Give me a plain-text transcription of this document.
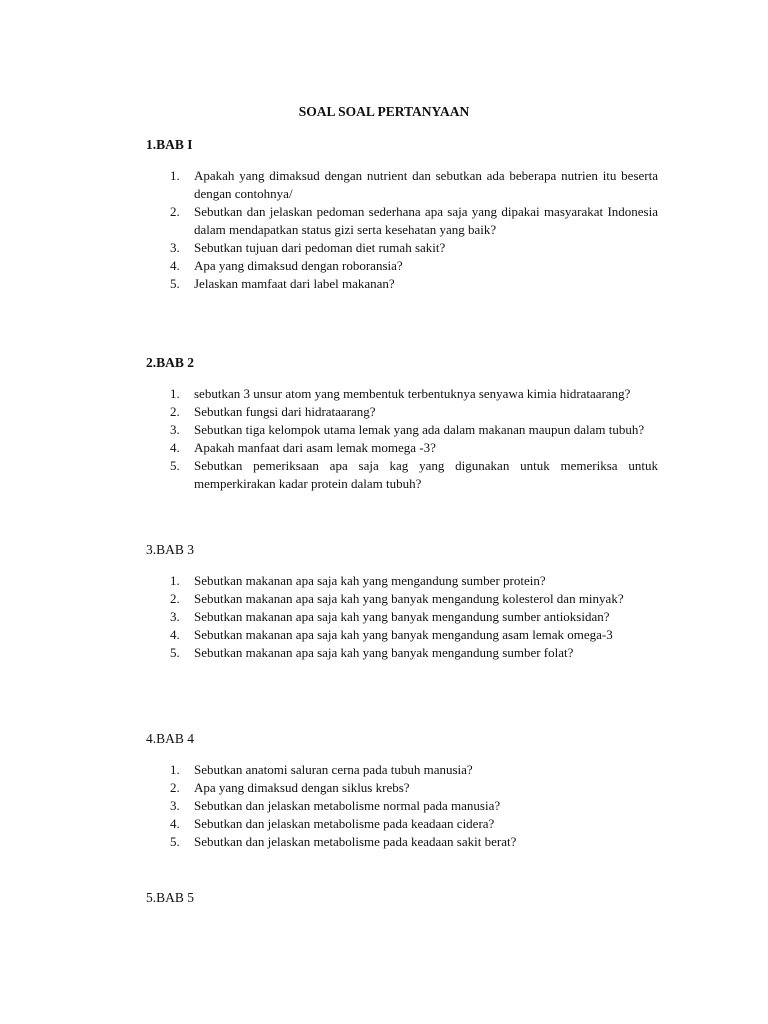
SOAL SOAL PERTANYAAN
1.BAB I
1. Apakah yang dimaksud dengan nutrient dan sebutkan ada beberapa nutrien itu beserta dengan contohnya/
2. Sebutkan dan jelaskan pedoman sederhana apa saja yang dipakai masyarakat Indonesia dalam mendapatkan status gizi serta kesehatan yang baik?
3. Sebutkan tujuan dari pedoman diet rumah sakit?
4. Apa yang dimaksud dengan roboransia?
5. Jelaskan mamfaat dari label makanan?
2.BAB 2
1. sebutkan 3 unsur atom yang membentuk terbentuknya senyawa kimia hidrataarang?
2. Sebutkan fungsi dari hidrataarang?
3. Sebutkan tiga kelompok utama lemak yang ada dalam makanan maupun dalam tubuh?
4. Apakah manfaat dari asam lemak momega -3?
5. Sebutkan pemeriksaan apa saja kag yang digunakan untuk memeriksa untuk memperkirakan kadar protein dalam tubuh?
3.BAB 3
1. Sebutkan makanan apa saja kah yang mengandung sumber protein?
2. Sebutkan makanan apa saja kah yang banyak mengandung kolesterol dan minyak?
3. Sebutkan makanan apa saja kah yang banyak mengandung sumber antioksidan?
4. Sebutkan makanan apa saja kah yang banyak mengandung asam lemak omega-3
5. Sebutkan makanan apa saja kah yang banyak mengandung sumber folat?
4.BAB 4
1. Sebutkan anatomi saluran cerna pada tubuh manusia?
2. Apa yang dimaksud dengan siklus krebs?
3. Sebutkan dan jelaskan metabolisme normal pada manusia?
4. Sebutkan dan jelaskan metabolisme pada keadaan cidera?
5. Sebutkan dan jelaskan metabolisme pada keadaan sakit berat?
5.BAB 5
